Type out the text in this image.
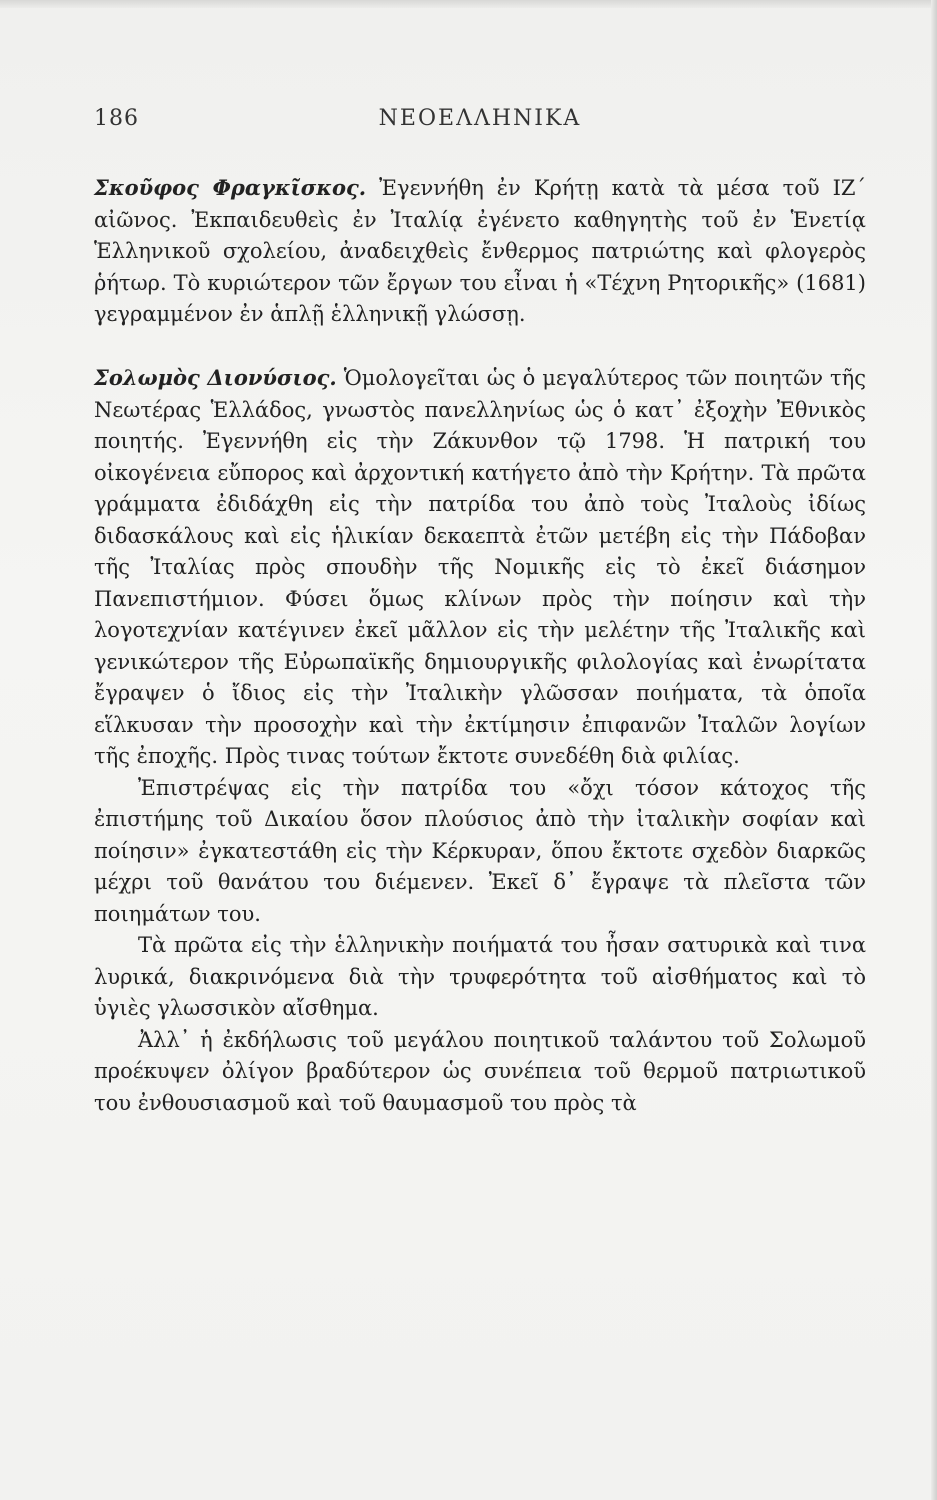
186	ΝΕΟΕΛΛΗΝΙΚΑ

Σκοῦφος Φραγκῖσκος. Ἐγεννήθη ἐν Κρήτῃ κατὰ τὰ μέσα τοῦ ΙΖ΄ αἰῶνος. Ἐκπαιδευθεὶς ἐν Ἰταλίᾳ ἐγένετο καθηγητὴς τοῦ ἐν Ἑνετίᾳ Ἑλληνικοῦ σχολείου, ἀναδειχθεὶς ἔνθερμος πατριώτης καὶ φλογερὸς ῥήτωρ. Τὸ κυριώτερον τῶν ἔργων του εἶναι ἡ «Τέχνη Ρητορικῆς» (1681) γεγραμμένον ἐν ἁπλῇ ἑλληνικῇ γλώσσῃ.

Σολωμὸς Διονύσιος. Ὁμολογεῖται ὡς ὁ μεγαλύτερος τῶν ποιητῶν τῆς Νεωτέρας Ἑλλάδος, γνωστὸς πανελληνίως ὡς ὁ κατ᾽ ἐξοχὴν Ἐθνικὸς ποιητής. Ἐγεννήθη εἰς τὴν Ζάκυνθον τῷ 1798. Ἡ πατρική του οἰκογένεια εὔπορος καὶ ἀρχοντική κατήγετο ἀπὸ τὴν Κρήτην. Τὰ πρῶτα γράμματα ἐδιδάχθη εἰς τὴν πατρίδα του ἀπὸ τοὺς Ἰταλοὺς ἰδίως διδασκάλους καὶ εἰς ἡλικίαν δεκαεπτὰ ἐτῶν μετέβη εἰς τὴν Πάδοβαν τῆς Ἰταλίας πρὸς σπουδὴν τῆς Νομικῆς εἰς τὸ ἐκεῖ διάσημον Πανεπιστήμιον. Φύσει ὅμως κλίνων πρὸς τὴν ποίησιν καὶ τὴν λογοτεχνίαν κατέγινεν ἐκεῖ μᾶλλον εἰς τὴν μελέτην τῆς Ἰταλικῆς καὶ γενικώτερον τῆς Εὐρωπαϊκῆς δημιουργικῆς φιλολογίας καὶ ἐνωρίτατα ἔγραψεν ὁ ἴδιος εἰς τὴν Ἰταλικὴν γλῶσσαν ποιήματα, τὰ ὁποῖα εἵλκυσαν τὴν προσοχὴν καὶ τὴν ἐκτίμησιν ἐπιφανῶν Ἰταλῶν λογίων τῆς ἐποχῆς. Πρὸς τινας τούτων ἔκτοτε συνεδέθη διὰ φιλίας.

Ἐπιστρέψας εἰς τὴν πατρίδα του «ὄχι τόσον κάτοχος τῆς ἐπιστήμης τοῦ Δικαίου ὅσον πλούσιος ἀπὸ τὴν ἰταλικὴν σοφίαν καὶ ποίησιν» ἐγκατεστάθη εἰς τὴν Κέρκυραν, ὅπου ἔκτοτε σχεδὸν διαρκῶς μέχρι τοῦ θανάτου του διέμενεν. Ἐκεῖ δ᾽ ἔγραψε τὰ πλεῖστα τῶν ποιημάτων του.

Τὰ πρῶτα εἰς τὴν ἑλληνικὴν ποιήματά του ἦσαν σατυρικὰ καὶ τινα λυρικά, διακρινόμενα διὰ τὴν τρυφερότητα τοῦ αἰσθήματος καὶ τὸ ὑγιὲς γλωσσικὸν αἴσθημα.

Ἀλλ᾽ ἡ ἐκδήλωσις τοῦ μεγάλου ποιητικοῦ ταλάντου τοῦ Σολωμοῦ προέκυψεν ὀλίγον βραδύτερον ὡς συνέπεια τοῦ θερμοῦ πατριωτικοῦ του ἐνθουσιασμοῦ καὶ τοῦ θαυμασμοῦ του πρὸς τὰ
